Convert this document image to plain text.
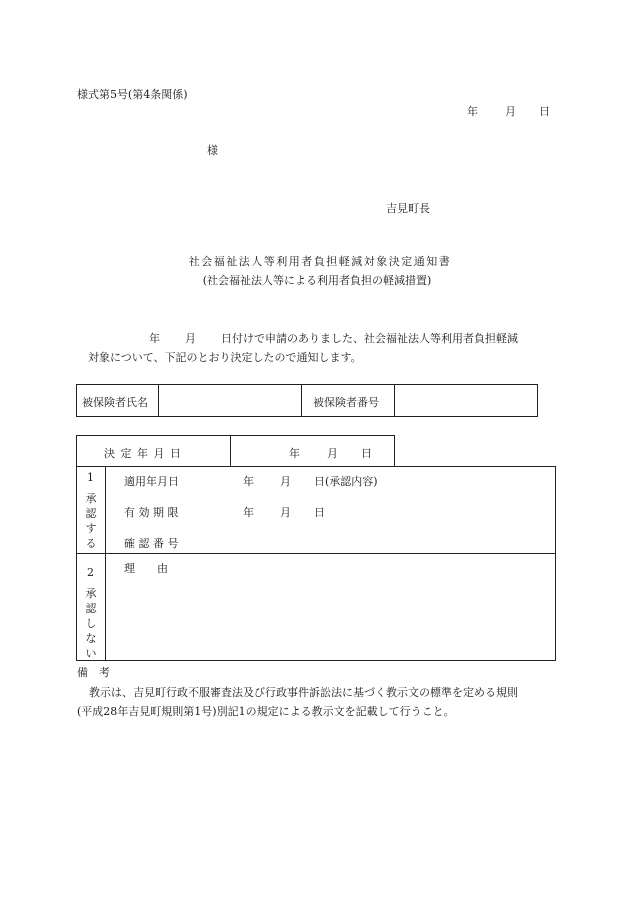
様式第5号(第4条関係)
年 月 日
様
吉見町長
社会福祉法人等利用者負担軽減対象決定通知書
(社会福祉法人等による利用者負担の軽減措置)
年 月 日付けで申請のありました、社会福祉法人等利用者負担軽減
対象について、下記のとおり決定したので通知します。
被保険者氏名	被保険者番号
決 定 年 月 日	年 月 日
1
承
認
す
る
適用年月日	年 月 日(承認内容)
有 効 期 限	年 月 日
確 認 番 号
2
承
認
し
な
い
理　　由
備　考
教示は、吉見町行政不服審査法及び行政事件訴訟法に基づく教示文の標準を定める規則
(平成28年吉見町規則第1号)別記1の規定による教示文を記載して行うこと。
